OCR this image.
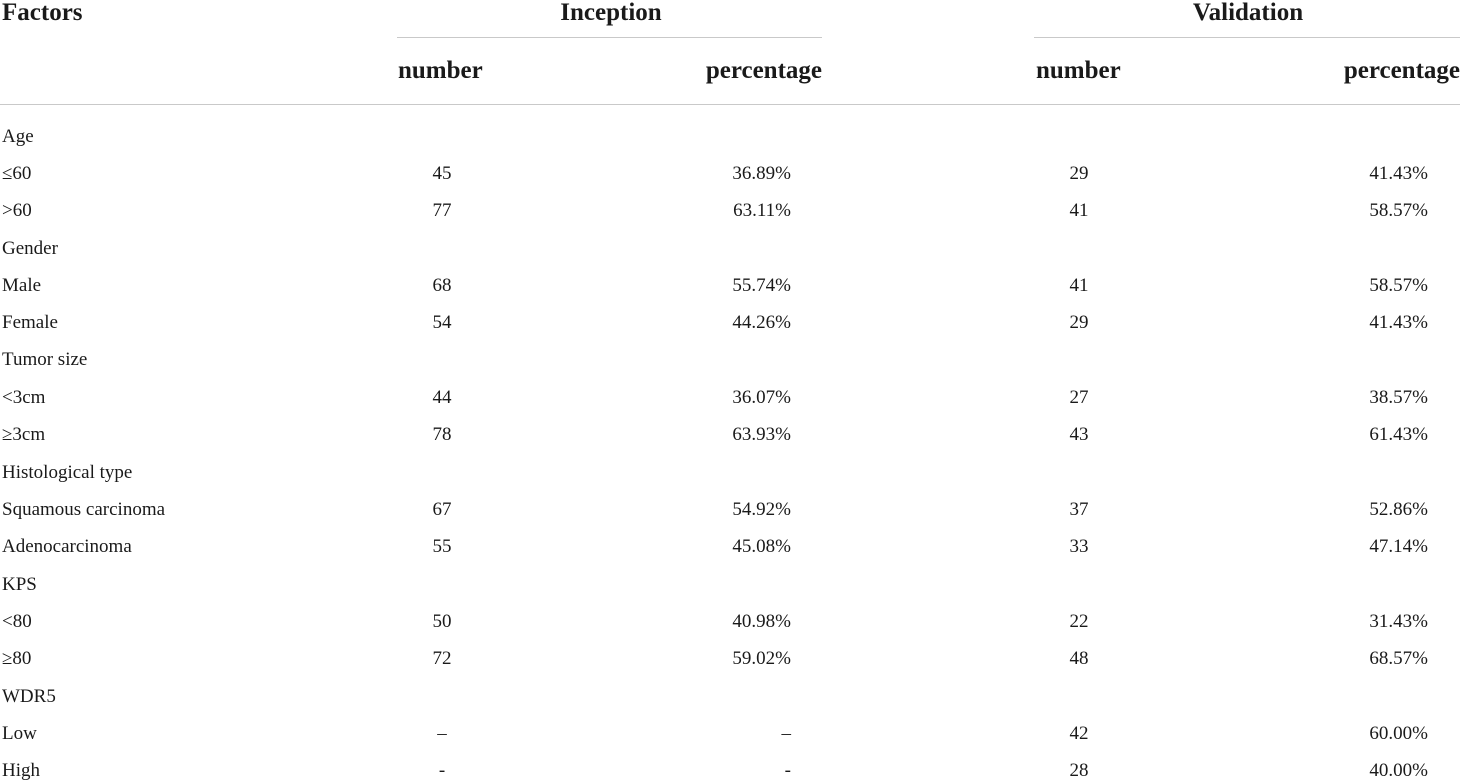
Factors	Inception	Validation
number	percentage	number	percentage
Age
≤60	45	36.89%	29	41.43%
>60	77	63.11%	41	58.57%
Gender
Male	68	55.74%	41	58.57%
Female	54	44.26%	29	41.43%
Tumor size
<3cm	44	36.07%	27	38.57%
≥3cm	78	63.93%	43	61.43%
Histological type
Squamous carcinoma	67	54.92%	37	52.86%
Adenocarcinoma	55	45.08%	33	47.14%
KPS
<80	50	40.98%	22	31.43%
≥80	72	59.02%	48	68.57%
WDR5
Low	–	–	42	60.00%
High	-	-	28	40.00%
